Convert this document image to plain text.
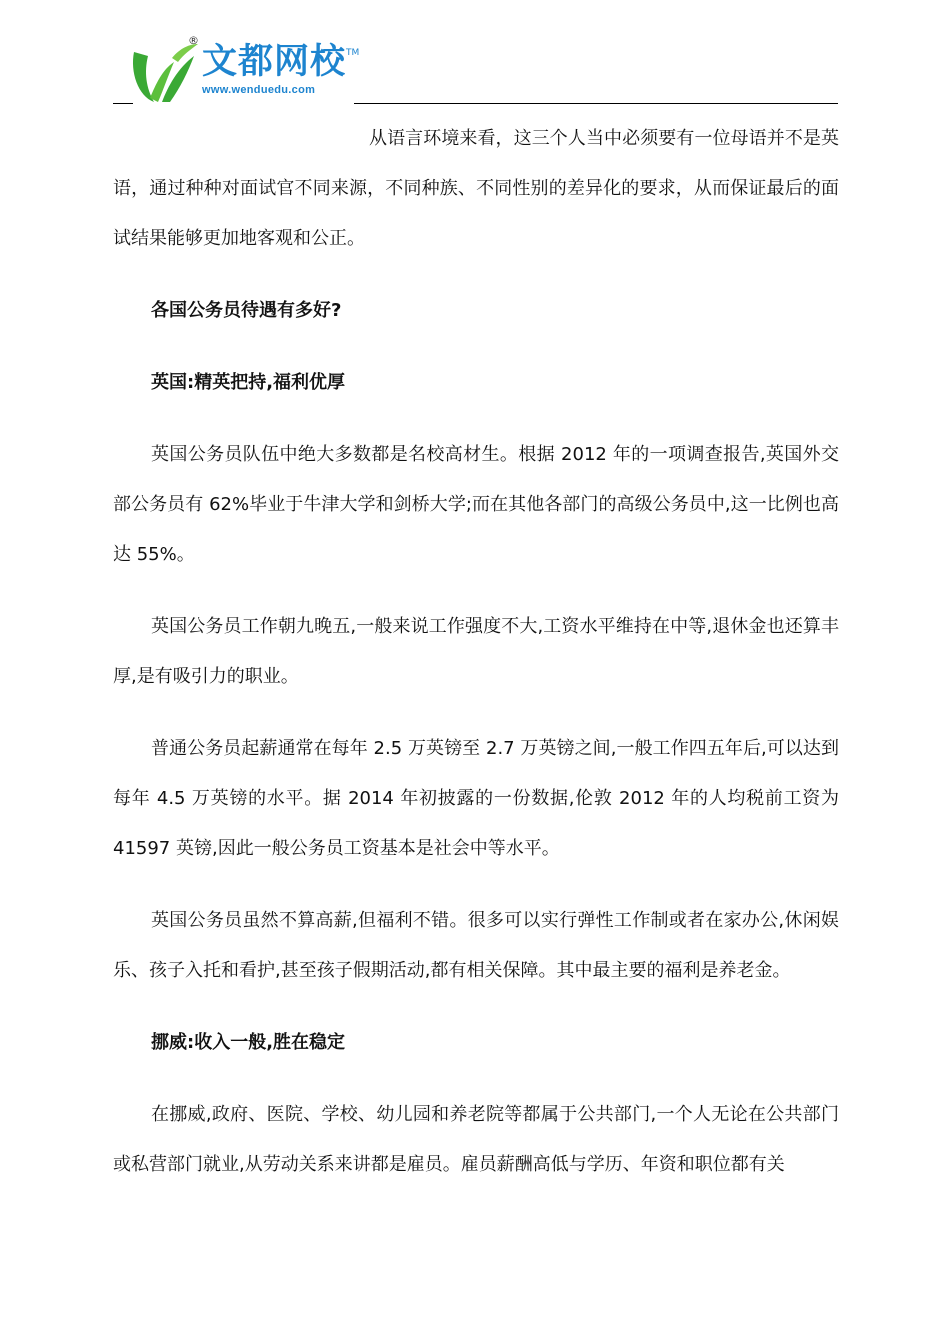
®
文都网校 TM
www.wenduedu.com

从语言环境来看，这三个人当中必须要有一位母语并不是英语，通过种种对面试官不同来源，不同种族、不同性别的差异化的要求，从而保证最后的面试结果能够更加地客观和公正。

各国公务员待遇有多好?
英国:精英把持,福利优厚

英国公务员队伍中绝大多数都是名校高材生。根据 2012 年的一项调查报告,英国外交部公务员有 62%毕业于牛津大学和剑桥大学;而在其他各部门的高级公务员中,这一比例也高达 55%。

英国公务员工作朝九晚五,一般来说工作强度不大,工资水平维持在中等,退休金也还算丰厚,是有吸引力的职业。

普通公务员起薪通常在每年 2.5 万英镑至 2.7 万英镑之间,一般工作四五年后,可以达到每年 4.5 万英镑的水平。据 2014 年初披露的一份数据,伦敦 2012 年的人均税前工资为 41597 英镑,因此一般公务员工资基本是社会中等水平。

英国公务员虽然不算高薪,但福利不错。很多可以实行弹性工作制或者在家办公,休闲娱乐、孩子入托和看护,甚至孩子假期活动,都有相关保障。其中最主要的福利是养老金。

挪威:收入一般,胜在稳定

在挪威,政府、医院、学校、幼儿园和养老院等都属于公共部门,一个人无论在公共部门或私营部门就业,从劳动关系来讲都是雇员。雇员薪酬高低与学历、年资和职位都有关
